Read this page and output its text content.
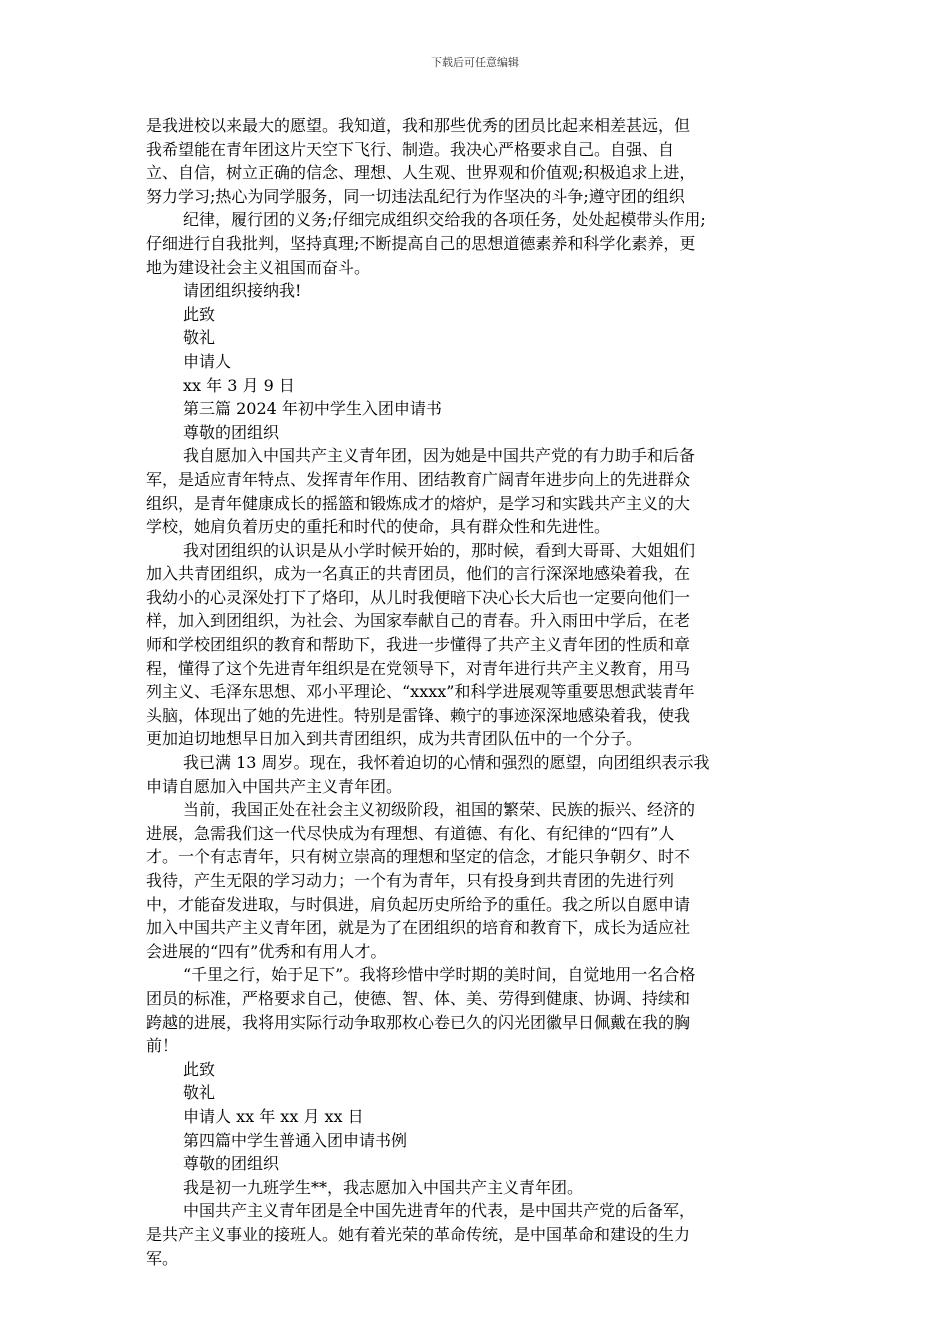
下载后可任意编辑

是我进校以来最大的愿望。我知道，我和那些优秀的团员比起来相差甚远，但

我希望能在青年团这片天空下飞行、制造。我决心严格要求自己。自强、自

立、自信，树立正确的信念、理想、人生观、世界观和价值观;积极追求上进，

努力学习;热心为同学服务，同一切违法乱纪行为作坚决的斗争;遵守团的组织

纪律，履行团的义务;仔细完成组织交给我的各项任务，处处起模带头作用;

仔细进行自我批判，坚持真理;不断提高自己的思想道德素养和科学化素养，更

地为建设社会主义祖国而奋斗。

请团组织接纳我!

此致

敬礼

申请人

xx 年 3 月 9 日

第三篇 2024 年初中学生入团申请书

尊敬的团组织

我自愿加入中国共产主义青年团，因为她是中国共产党的有力助手和后备

军，是适应青年特点、发挥青年作用、团结教育广阔青年进步向上的先进群众

组织，是青年健康成长的摇篮和锻炼成才的熔炉，是学习和实践共产主义的大

学校，她肩负着历史的重托和时代的使命，具有群众性和先进性。

我对团组织的认识是从小学时候开始的，那时候，看到大哥哥、大姐姐们

加入共青团组织，成为一名真正的共青团员，他们的言行深深地感染着我，在

我幼小的心灵深处打下了烙印，从儿时我便暗下决心长大后也一定要向他们一

样，加入到团组织，为社会、为国家奉献自己的青春。升入雨田中学后，在老

师和学校团组织的教育和帮助下，我进一步懂得了共产主义青年团的性质和章

程，懂得了这个先进青年组织是在党领导下，对青年进行共产主义教育，用马

列主义、毛泽东思想、邓小平理论、“xxxx”和科学进展观等重要思想武装青年

头脑，体现出了她的先进性。特别是雷锋、赖宁的事迹深深地感染着我，使我

更加迫切地想早日加入到共青团组织，成为共青团队伍中的一个分子。

我已满 13 周岁。现在，我怀着迫切的心情和强烈的愿望，向团组织表示我

申请自愿加入中国共产主义青年团。

当前，我国正处在社会主义初级阶段，祖国的繁荣、民族的振兴、经济的

进展，急需我们这一代尽快成为有理想、有道德、有化、有纪律的“四有”人

才。一个有志青年，只有树立崇高的理想和坚定的信念，才能只争朝夕、时不

我待，产生无限的学习动力；一个有为青年，只有投身到共青团的先进行列

中，才能奋发进取，与时俱进，肩负起历史所给予的重任。我之所以自愿申请

加入中国共产主义青年团，就是为了在团组织的培育和教育下，成长为适应社

会进展的“四有”优秀和有用人才。

“千里之行，始于足下”。我将珍惜中学时期的美时间，自觉地用一名合格

团员的标准，严格要求自己，使德、智、体、美、劳得到健康、协调、持续和

跨越的进展，我将用实际行动争取那枚心卷已久的闪光团徽早日佩戴在我的胸

前！

此致

敬礼

申请人 xx 年 xx 月 xx 日

第四篇中学生普通入团申请书例

尊敬的团组织

我是初一九班学生**，我志愿加入中国共产主义青年团。

中国共产主义青年团是全中国先进青年的代表，是中国共产党的后备军，

是共产主义事业的接班人。她有着光荣的革命传统，是中国革命和建设的生力

军。
